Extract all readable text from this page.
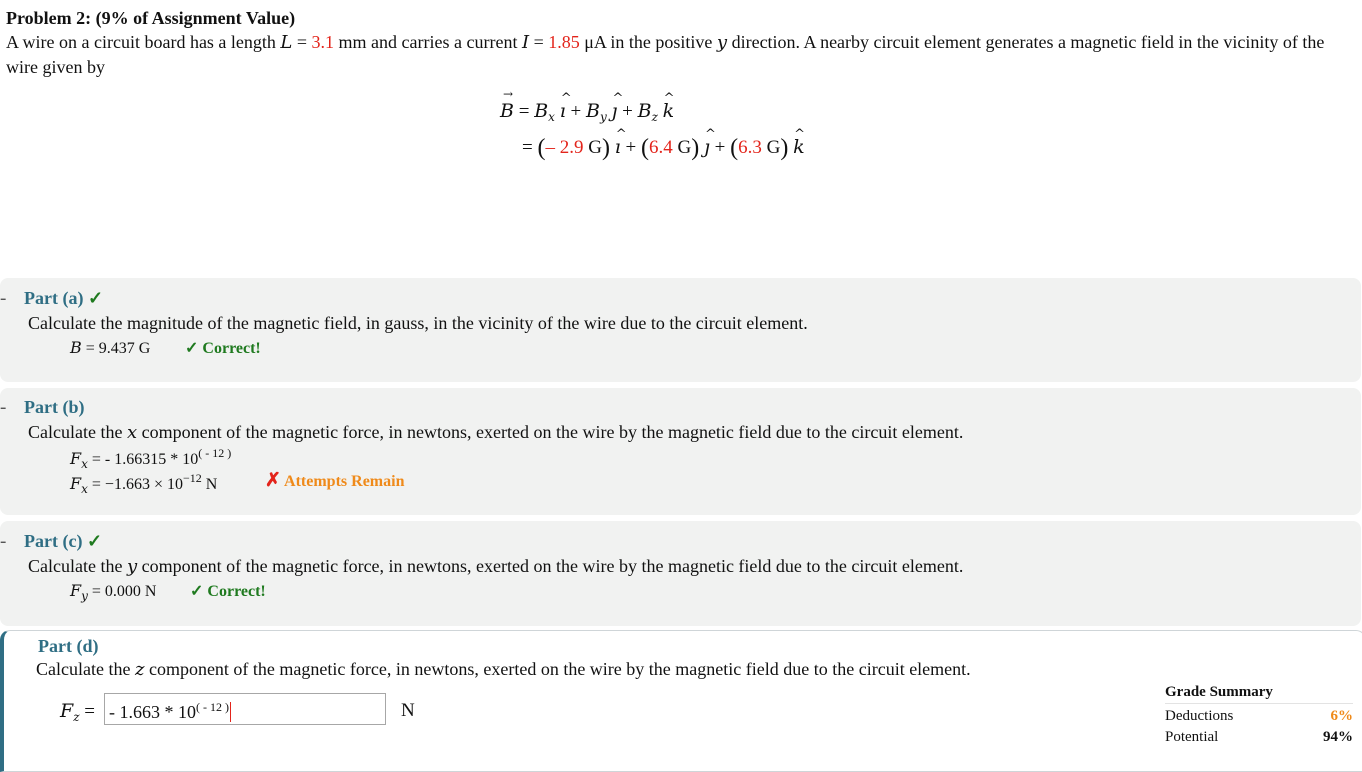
Problem 2: (9% of Assignment Value)
A wire on a circuit board has a length L = 3.1 mm and carries a current I = 1.85 μA in the positive y direction. A nearby circuit element generates a magnetic field in the vicinity of the wire given by
→ $B = B_x$ ^ ı + $B_y$ ^ ȷ + $B_z$ ^ k
= (– 2.9 G) ^ ı + (6.4 G) ^ ȷ + (6.3 G) ^ k
- Part (a) ✓
Calculate the magnitude of the magnetic field, in gauss, in the vicinity of the wire due to the circuit element.
B = 9.437 G ✓ Correct!
- Part (b)
Calculate the x component of the magnetic force, in newtons, exerted on the wire by the magnetic field due to the circuit element.
$F_x$ = - $1.66315 * 10^{( - 12 )}$
$F_x = -1.663 \times 10^{-12}$ N	✗ Attempts Remain
- Part (c) ✓
Calculate the y component of the magnetic force, in newtons, exerted on the wire by the magnetic field due to the circuit element.
$F_y = 0.000$ N ✓ Correct!
Part (d)
Calculate the z component of the magnetic force, in newtons, exerted on the wire by the magnetic field due to the circuit element.
$F_z$ = - $1.663 * 10^{( - 12 )}$	N
Grade Summary
Deductions	6%
Potential	94%
